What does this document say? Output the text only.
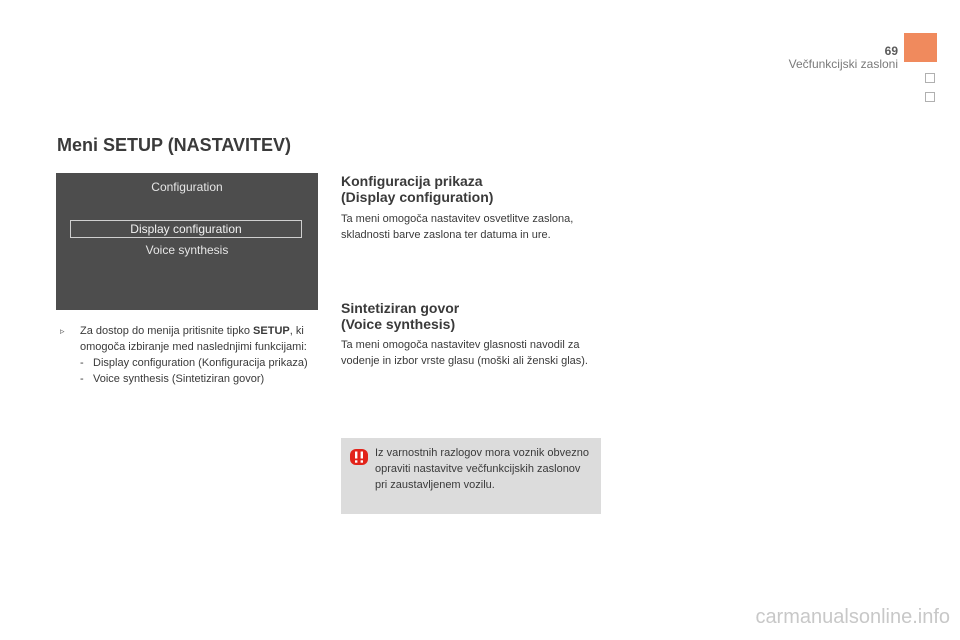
69
Večfunkcijski zasloni
Meni SETUP (NASTAVITEV)
Configuration
Display configuration
Voice synthesis
▹ Za dostop do menija pritisnite tipko SETUP, ki omogoča izbiranje med naslednjimi funkcijami:
- Display configuration (Konfiguracija prikaza)
- Voice synthesis (Sintetiziran govor)
Konfiguracija prikaza
(Display configuration)

Ta meni omogoča nastavitev osvetlitve zaslona, skladnosti barve zaslona ter datuma in ure.

Sintetiziran govor
(Voice synthesis)

Ta meni omogoča nastavitev glasnosti navodil za vodenje in izbor vrste glasu (moški ali ženski glas).

Iz varnostnih razlogov mora voznik obvezno opraviti nastavitve večfunkcijskih zaslonov pri zaustavljenem vozilu.
carmanualsonline.info
